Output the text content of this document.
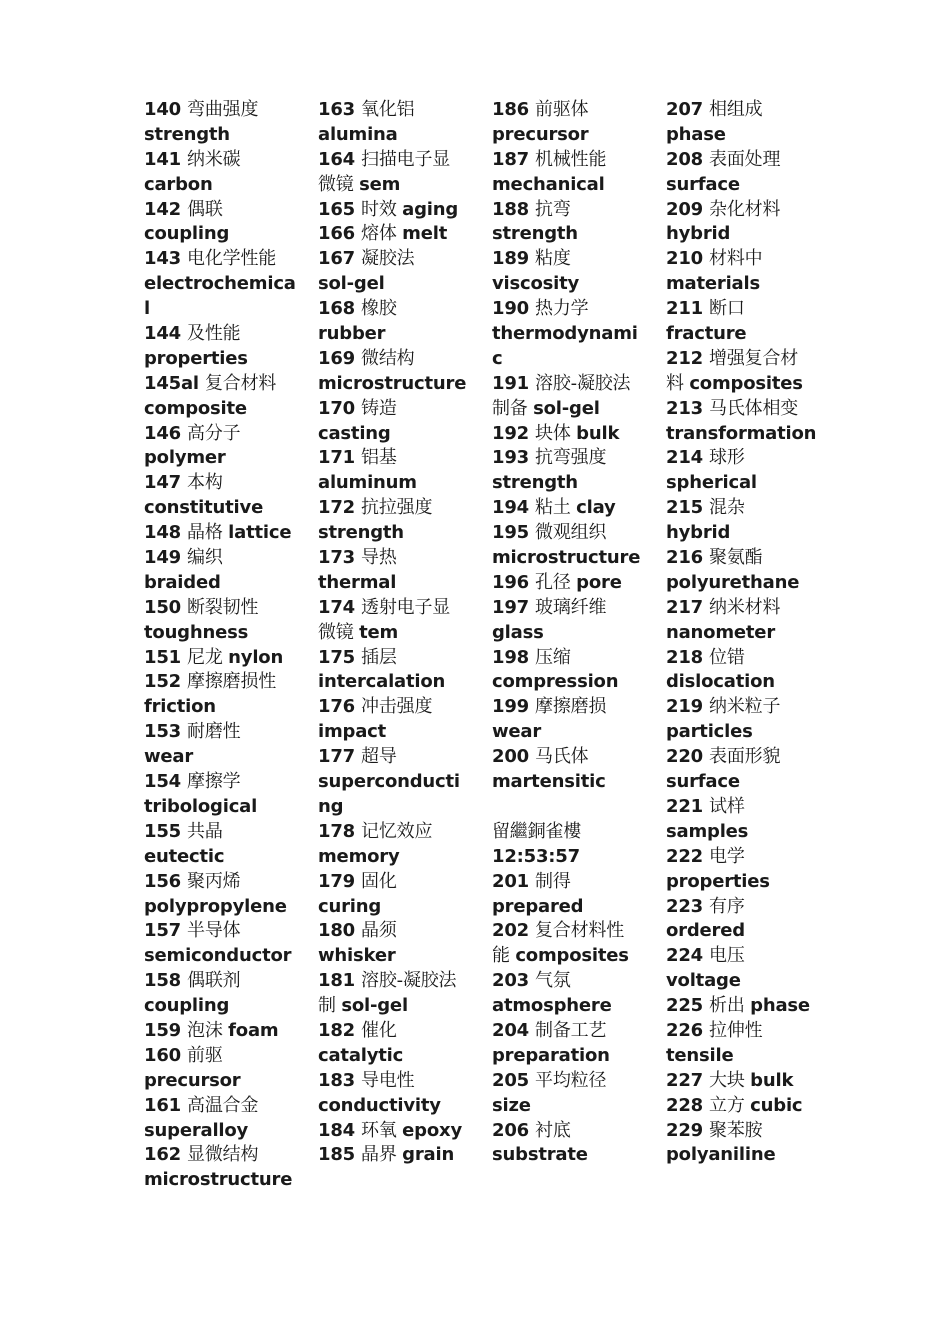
140 弯曲强度
strength
141 纳米碳
carbon
142 偶联
coupling
143 电化学性能
electrochemica
l
144 及性能
properties
145al 复合材料
composite
146 高分子
polymer
147 本构
constitutive
148 晶格 lattice
149 编织
braided
150 断裂韧性
toughness
151 尼龙 nylon
152 摩擦磨损性
friction
153 耐磨性
wear
154 摩擦学
tribological
155 共晶
eutectic
156 聚丙烯
polypropylene
157 半导体
semiconductor
158 偶联剂
coupling
159 泡沫 foam
160 前驱
precursor
161 高温合金
superalloy
162 显微结构
microstructure
163 氧化铝
alumina
164 扫描电子显
微镜 sem
165 时效 aging
166 熔体 melt
167 凝胶法
sol-gel
168 橡胶
rubber
169 微结构
microstructure
170 铸造
casting
171 铝基
aluminum
172 抗拉强度
strength
173 导热
thermal
174 透射电子显
微镜 tem
175 插层
intercalation
176 冲击强度
impact
177 超导
superconducti
ng
178 记忆效应
memory
179 固化
curing
180 晶须
whisker
181 溶胶-凝胶法
制 sol-gel
182 催化
catalytic
183 导电性
conductivity
184 环氧 epoxy
185 晶界 grain
186 前驱体
precursor
187 机械性能
mechanical
188 抗弯
strength
189 粘度
viscosity
190 热力学
thermodynami
c
191 溶胶-凝胶法
制备 sol-gel
192 块体 bulk
193 抗弯强度
strength
194 粘土 clay
195 微观组织
microstructure
196 孔径 pore
197 玻璃纤维
glass
198 压缩
compression
199 摩擦磨损
wear
200 马氏体
martensitic
留繼銅雀樓
12:53:57
201 制得
prepared
202 复合材料性
能 composites
203 气氛
atmosphere
204 制备工艺
preparation
205 平均粒径
size
206 衬底
substrate
207 相组成
phase
208 表面处理
surface
209 杂化材料
hybrid
210 材料中
materials
211 断口
fracture
212 增强复合材
料 composites
213 马氏体相变
transformation
214 球形
spherical
215 混杂
hybrid
216 聚氨酯
polyurethane
217 纳米材料
nanometer
218 位错
dislocation
219 纳米粒子
particles
220 表面形貌
surface
221 试样
samples
222 电学
properties
223 有序
ordered
224 电压
voltage
225 析出 phase
226 拉伸性
tensile
227 大块 bulk
228 立方 cubic
229 聚苯胺
polyaniline
